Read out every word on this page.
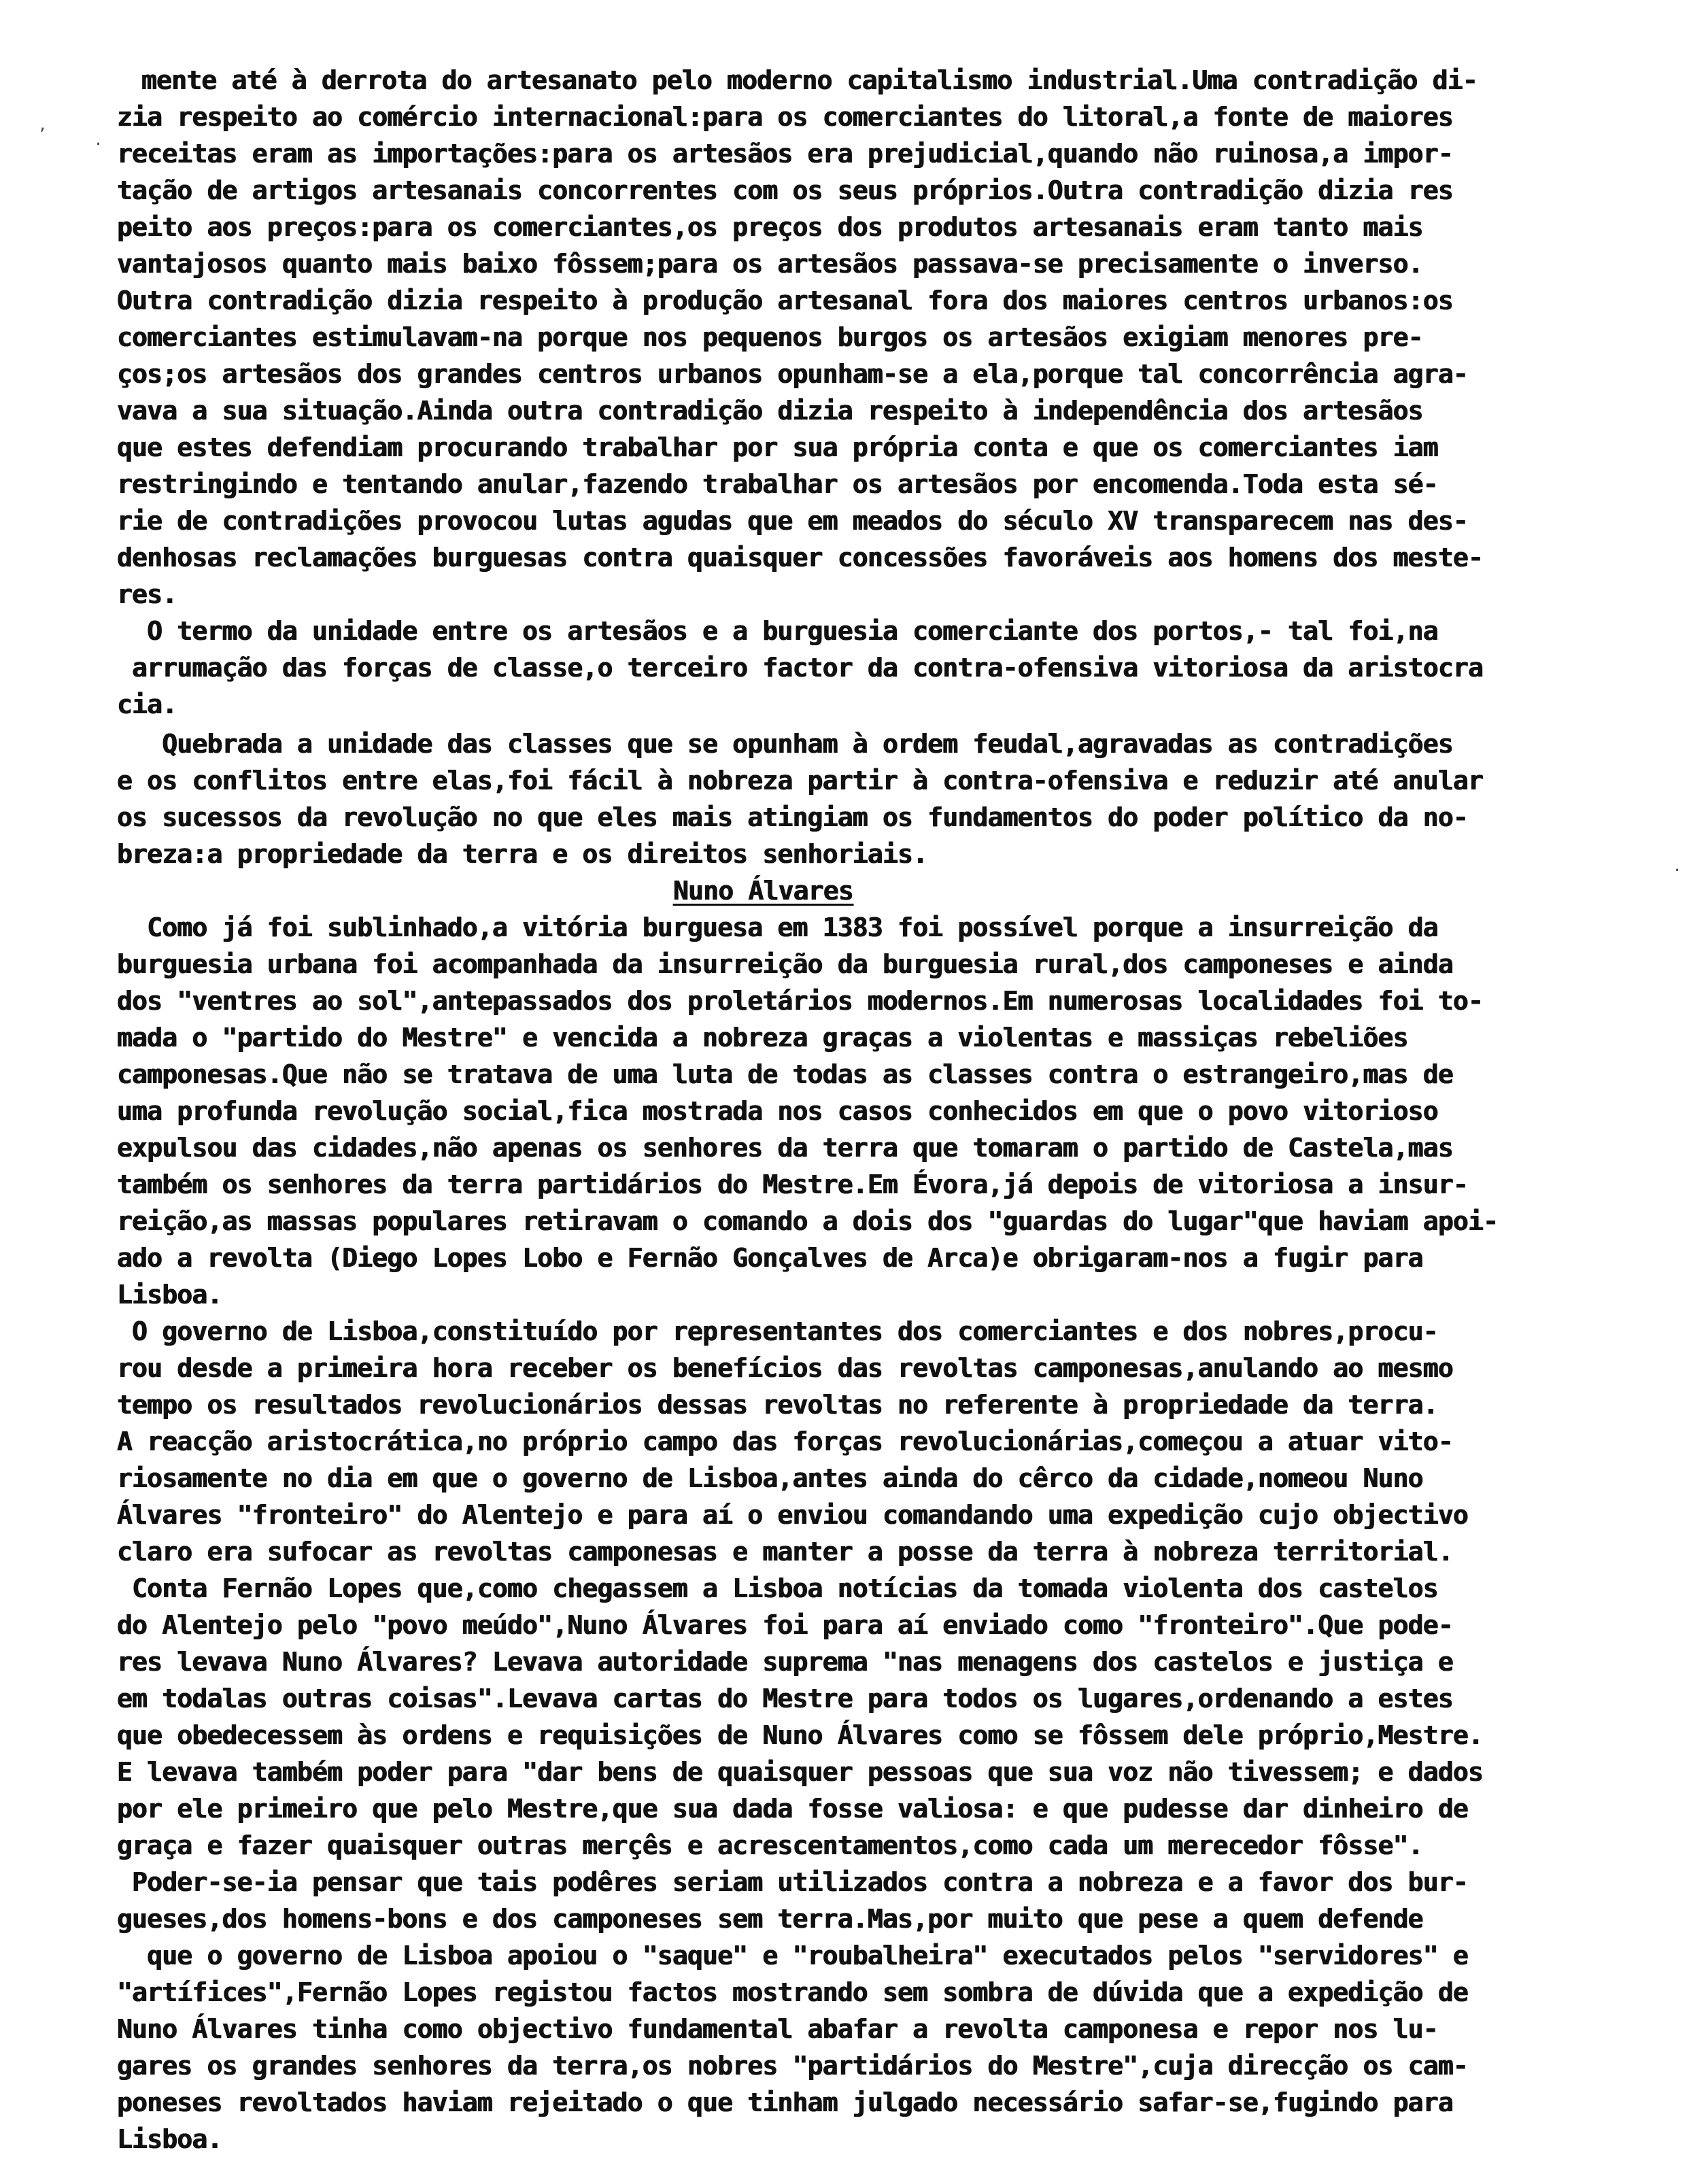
mente até à derrota do artesanato pelo moderno capitalismo industrial.Uma contradição di-
zia respeito ao comércio internacional:para os comerciantes do litoral,a fonte de maiores
receitas eram as importações:para os artesãos era prejudicial,quando não ruinosa,a impor-
tação de artigos artesanais concorrentes com os seus próprios.Outra contradição dizia res
peito aos preços:para os comerciantes,os preços dos produtos artesanais eram tanto mais
vantajosos quanto mais baixo fôssem;para os artesãos passava-se precisamente o inverso.
Outra contradição dizia respeito à produção artesanal fora dos maiores centros urbanos:os
comerciantes estimulavam-na porque nos pequenos burgos os artesãos exigiam menores pre-
ços;os artesãos dos grandes centros urbanos opunham-se a ela,porque tal concorrência agra-
vava a sua situação.Ainda outra contradição dizia respeito à independência dos artesãos
que estes defendiam procurando trabalhar por sua própria conta e que os comerciantes iam
restringindo e tentando anular,fazendo trabalhar os artesãos por encomenda.Toda esta sé-
rie de contradições provocou lutas agudas que em meados do século XV transparecem nas des-
denhosas reclamações burguesas contra quaisquer concessões favoráveis aos homens dos meste-
res.
O termo da unidade entre os artesãos e a burguesia comerciante dos portos,- tal foi,na
arrumação das forças de classe,o terceiro factor da contra-ofensiva vitoriosa da aristocra
cia.
Quebrada a unidade das classes que se opunham à ordem feudal,agravadas as contradições
e os conflitos entre elas,foi fácil à nobreza partir à contra-ofensiva e reduzir até anular
os sucessos da revolução no que eles mais atingiam os fundamentos do poder político da no-
breza:a propriedade da terra e os direitos senhoriais.
Nuno Álvares
Como já foi sublinhado,a vitória burguesa em 1383 foi possível porque a insurreição da
burguesia urbana foi acompanhada da insurreição da burguesia rural,dos camponeses e ainda
dos "ventres ao sol",antepassados dos proletários modernos.Em numerosas localidades foi to-
mada o "partido do Mestre" e vencida a nobreza graças a violentas e massiças rebeliões
camponesas.Que não se tratava de uma luta de todas as classes contra o estrangeiro,mas de
uma profunda revolução social,fica mostrada nos casos conhecidos em que o povo vitorioso
expulsou das cidades,não apenas os senhores da terra que tomaram o partido de Castela,mas
também os senhores da terra partidários do Mestre.Em Évora,já depois de vitoriosa a insur-
reição,as massas populares retiravam o comando a dois dos "guardas do lugar"que haviam apoi-
ado a revolta (Diego Lopes Lobo e Fernão Gonçalves de Arca)e obrigaram-nos a fugir para
Lisboa.
O governo de Lisboa,constituído por representantes dos comerciantes e dos nobres,procu-
rou desde a primeira hora receber os benefícios das revoltas camponesas,anulando ao mesmo
tempo os resultados revolucionários dessas revoltas no referente à propriedade da terra.
A reacção aristocrática,no próprio campo das forças revolucionárias,começou a atuar vito-
riosamente no dia em que o governo de Lisboa,antes ainda do cêrco da cidade,nomeou Nuno
Álvares "fronteiro" do Alentejo e para aí o enviou comandando uma expedição cujo objectivo
claro era sufocar as revoltas camponesas e manter a posse da terra à nobreza territorial.
Conta Fernão Lopes que,como chegassem a Lisboa notícias da tomada violenta dos castelos
do Alentejo pelo "povo meúdo",Nuno Álvares foi para aí enviado como "fronteiro".Que pode-
res levava Nuno Álvares? Levava autoridade suprema "nas menagens dos castelos e justiça e
em todalas outras coisas".Levava cartas do Mestre para todos os lugares,ordenando a estes
que obedecessem às ordens e requisições de Nuno Álvares como se fôssem dele próprio,Mestre.
E levava também poder para "dar bens de quaisquer pessoas que sua voz não tivessem; e dados
por ele primeiro que pelo Mestre,que sua dada fosse valiosa: e que pudesse dar dinheiro de
graça e fazer quaisquer outras merçês e acrescentamentos,como cada um merecedor fôsse".
Poder-se-ia pensar que tais podêres seriam utilizados contra a nobreza e a favor dos bur-
gueses,dos homens-bons e dos camponeses sem terra.Mas,por muito que pese a quem defende
que o governo de Lisboa apoiou o "saque" e "roubalheira" executados pelos "servidores" e
"artífices",Fernão Lopes registou factos mostrando sem sombra de dúvida que a expedição de
Nuno Álvares tinha como objectivo fundamental abafar a revolta camponesa e repor nos lu-
gares os grandes senhores da terra,os nobres "partidários do Mestre",cuja direcção os cam-
poneses revoltados haviam rejeitado o que tinham julgado necessário safar-se,fugindo para
Lisboa.
,
·
·
